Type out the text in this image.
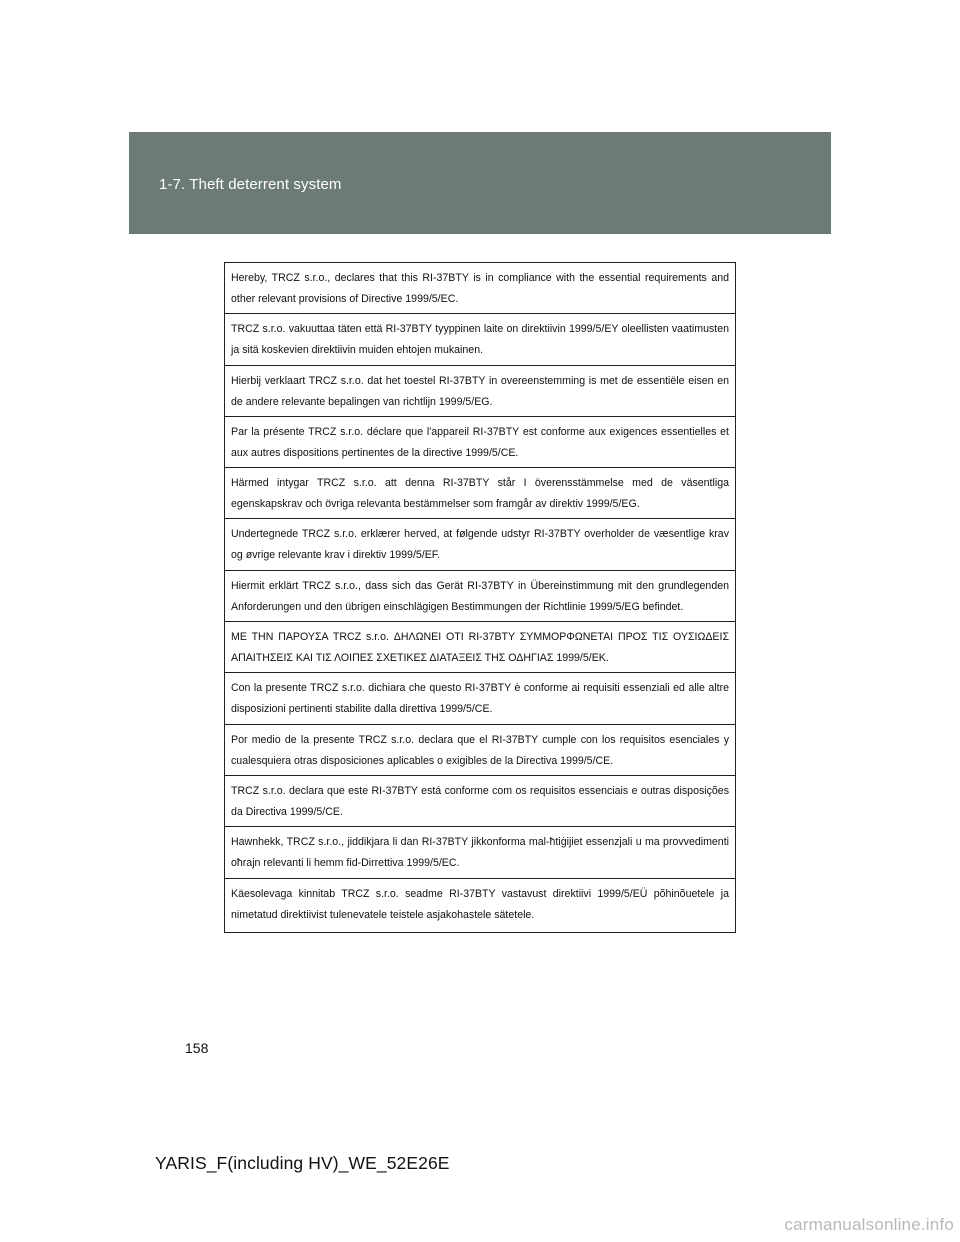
1-7. Theft deterrent system
Hereby, TRCZ s.r.o., declares that this RI-37BTY is in compliance with the essential requirements and other relevant provisions of Directive 1999/5/EC.
TRCZ s.r.o. vakuuttaa täten että RI-37BTY tyyppinen laite on direktiivin 1999/5/EY oleellisten vaatimusten ja sitä koskevien direktiivin muiden ehtojen mukainen.
Hierbij verklaart TRCZ s.r.o. dat het toestel RI-37BTY in overeenstemming is met de essentiële eisen en de andere relevante bepalingen van richtlijn 1999/5/EG.
Par la présente TRCZ s.r.o. déclare que l'appareil RI-37BTY est conforme aux exigences essentielles et aux autres dispositions pertinentes de la directive 1999/5/CE.
Härmed intygar TRCZ s.r.o. att denna RI-37BTY står I överensstämmelse med de väsentliga egenskapskrav och övriga relevanta bestämmelser som framgår av direktiv 1999/5/EG.
Undertegnede TRCZ s.r.o. erklærer herved, at følgende udstyr RI-37BTY overholder de væsentlige krav og øvrige relevante krav i direktiv 1999/5/EF.
Hiermit erklärt TRCZ s.r.o., dass sich das Gerät RI-37BTY in Übereinstimmung mit den grundlegenden Anforderungen und den übrigen einschlägigen Bestimmungen der Richtlinie 1999/5/EG befindet.
ΜΕ ΤΗΝ ΠΑΡΟΥΣΑ TRCZ s.r.o. ΔΗΛΩΝΕΙ ΟΤΙ RI-37BTY ΣΥΜΜΟΡΦΩΝΕΤΑΙ ΠΡΟΣ ΤΙΣ ΟΥΣΙΩΔΕΙΣ ΑΠΑΙΤΗΣΕΙΣ ΚΑΙ ΤΙΣ ΛΟΙΠΕΣ ΣΧΕΤΙΚΕΣ ΔΙΑΤΑΞΕΙΣ ΤΗΣ ΟΔΗΓΙΑΣ 1999/5/ΕΚ.
Con la presente TRCZ s.r.o. dichiara che questo RI-37BTY è conforme ai requisiti essenziali ed alle altre disposizioni pertinenti stabilite dalla direttiva 1999/5/CE.
Por medio de la presente TRCZ s.r.o. declara que el RI-37BTY cumple con los requisitos esenciales y cualesquiera otras disposiciones aplicables o exigibles de la Directiva 1999/5/CE.
TRCZ s.r.o. declara que este RI-37BTY está conforme com os requisitos essenciais e outras disposições da Directiva 1999/5/CE.
Hawnhekk, TRCZ s.r.o., jiddikjara li dan RI-37BTY jikkonforma mal-ħtiġijiet essenzjali u ma provvedimenti oħrajn relevanti li hemm fid-Dirrettiva 1999/5/EC.
Käesolevaga kinnitab TRCZ s.r.o. seadme RI-37BTY vastavust direktiivi 1999/5/EÜ põhinõuetele ja nimetatud direktiivist tulenevatele teistele asjakohastele sätetele.
158
YARIS_F(including HV)_WE_52E26E
carmanualsonline.info
